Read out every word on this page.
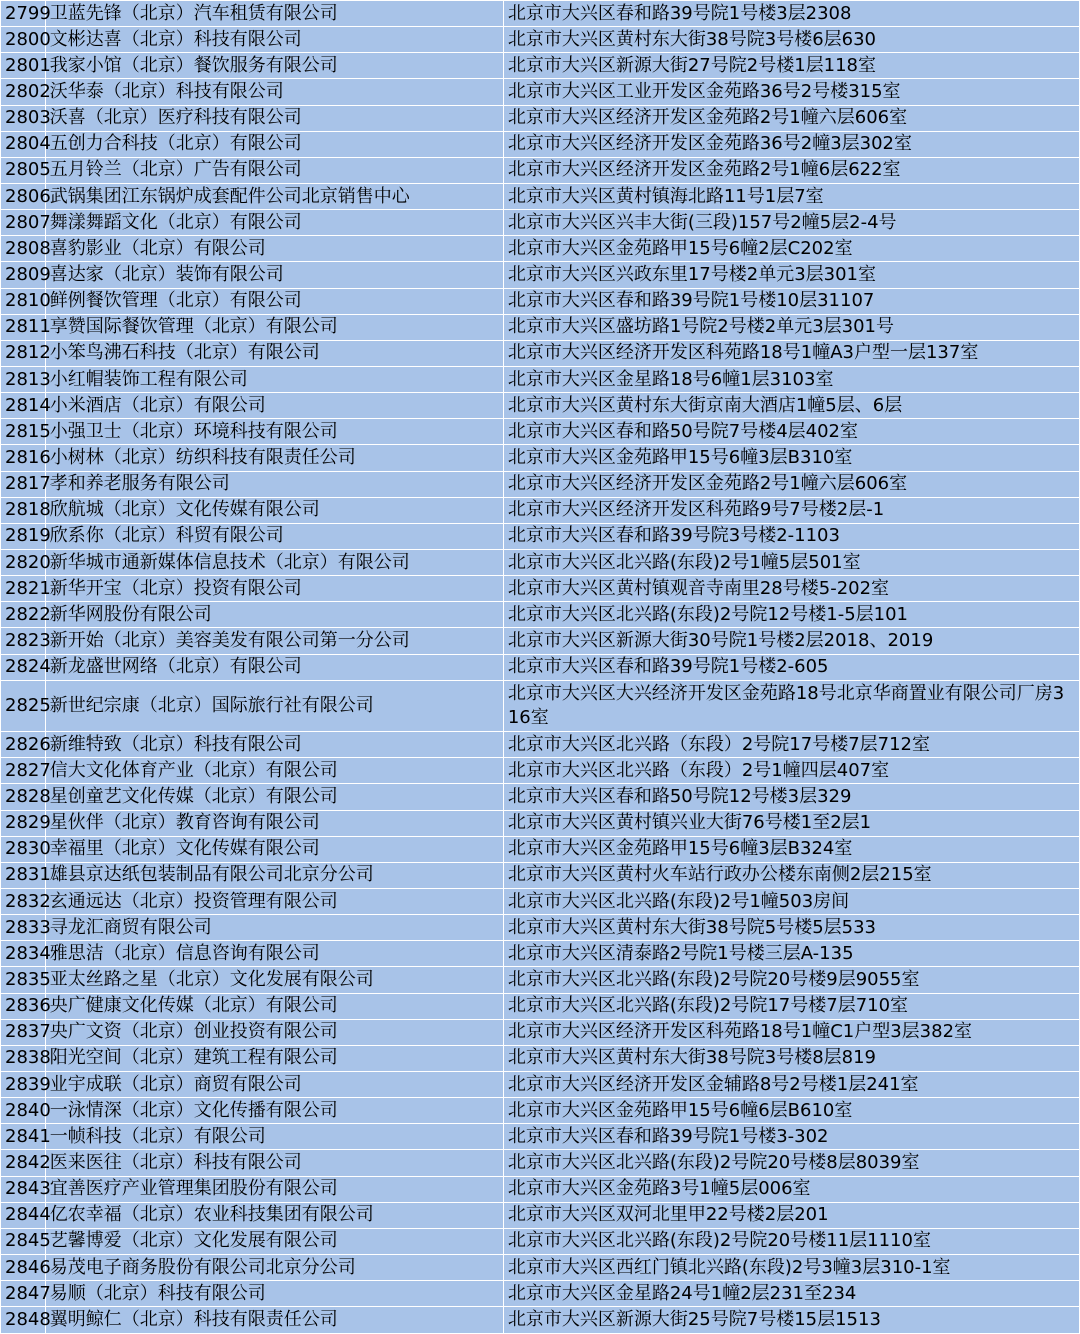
2799	卫蓝先锋（北京）汽车租赁有限公司	北京市大兴区春和路39号院1号楼3层2308
2800	文彬达喜（北京）科技有限公司	北京市大兴区黄村东大街38号院3号楼6层630
2801	我家小馆（北京）餐饮服务有限公司	北京市大兴区新源大街27号院2号楼1层118室
2802	沃华泰（北京）科技有限公司	北京市大兴区工业开发区金苑路36号2号楼315室
2803	沃喜（北京）医疗科技有限公司	北京市大兴区经济开发区金苑路2号1幢六层606室
2804	五创力合科技（北京）有限公司	北京市大兴区经济开发区金苑路36号2幢3层302室
2805	五月铃兰（北京）广告有限公司	北京市大兴区经济开发区金苑路2号1幢6层622室
2806	武锅集团江东锅炉成套配件公司北京销售中心	北京市大兴区黄村镇海北路11号1层7室
2807	舞漾舞蹈文化（北京）有限公司	北京市大兴区兴丰大街(三段)157号2幢5层2-4号
2808	喜豹影业（北京）有限公司	北京市大兴区金苑路甲15号6幢2层C202室
2809	喜达家（北京）装饰有限公司	北京市大兴区兴政东里17号楼2单元3层301室
2810	鲜例餐饮管理（北京）有限公司	北京市大兴区春和路39号院1号楼10层31107
2811	享赞国际餐饮管理（北京）有限公司	北京市大兴区盛坊路1号院2号楼2单元3层301号
2812	小笨鸟沸石科技（北京）有限公司	北京市大兴区经济开发区科苑路18号1幢A3户型一层137室
2813	小红帽装饰工程有限公司	北京市大兴区金星路18号6幢1层3103室
2814	小米酒店（北京）有限公司	北京市大兴区黄村东大街京南大酒店1幢5层、6层
2815	小强卫士（北京）环境科技有限公司	北京市大兴区春和路50号院7号楼4层402室
2816	小树林（北京）纺织科技有限责任公司	北京市大兴区金苑路甲15号6幢3层B310室
2817	孝和养老服务有限公司	北京市大兴区经济开发区金苑路2号1幢六层606室
2818	欣航城（北京）文化传媒有限公司	北京市大兴区经济开发区科苑路9号7号楼2层-1
2819	欣系你（北京）科贸有限公司	北京市大兴区春和路39号院3号楼2-1103
2820	新华城市通新媒体信息技术（北京）有限公司	北京市大兴区北兴路(东段)2号1幢5层501室
2821	新华开宝（北京）投资有限公司	北京市大兴区黄村镇观音寺南里28号楼5-202室
2822	新华网股份有限公司	北京市大兴区北兴路(东段)2号院12号楼1-5层101
2823	新开始（北京）美容美发有限公司第一分公司	北京市大兴区新源大街30号院1号楼2层2018、2019
2824	新龙盛世网络（北京）有限公司	北京市大兴区春和路39号院1号楼2-605
2825	新世纪宗康（北京）国际旅行社有限公司	北京市大兴区大兴经济开发区金苑路18号北京华商置业有限公司厂房316室
2826	新维特致（北京）科技有限公司	北京市大兴区北兴路（东段）2号院17号楼7层712室
2827	信大文化体育产业（北京）有限公司	北京市大兴区北兴路（东段）2号1幢四层407室
2828	星创童艺文化传媒（北京）有限公司	北京市大兴区春和路50号院12号楼3层329
2829	星伙伴（北京）教育咨询有限公司	北京市大兴区黄村镇兴业大街76号楼1至2层1
2830	幸福里（北京）文化传媒有限公司	北京市大兴区金苑路甲15号6幢3层B324室
2831	雄县京达纸包装制品有限公司北京分公司	北京市大兴区黄村火车站行政办公楼东南侧2层215室
2832	玄通远达（北京）投资管理有限公司	北京市大兴区北兴路(东段)2号1幢503房间
2833	寻龙汇商贸有限公司	北京市大兴区黄村东大街38号院5号楼5层533
2834	雅思洁（北京）信息咨询有限公司	北京市大兴区清泰路2号院1号楼三层A-135
2835	亚太丝路之星（北京）文化发展有限公司	北京市大兴区北兴路(东段)2号院20号楼9层9055室
2836	央广健康文化传媒（北京）有限公司	北京市大兴区北兴路(东段)2号院17号楼7层710室
2837	央广文资（北京）创业投资有限公司	北京市大兴区经济开发区科苑路18号1幢C1户型3层382室
2838	阳光空间（北京）建筑工程有限公司	北京市大兴区黄村东大街38号院3号楼8层819
2839	业宇成联（北京）商贸有限公司	北京市大兴区经济开发区金辅路8号2号楼1层241室
2840	一泳情深（北京）文化传播有限公司	北京市大兴区金苑路甲15号6幢6层B610室
2841	一帧科技（北京）有限公司	北京市大兴区春和路39号院1号楼3-302
2842	医来医往（北京）科技有限公司	北京市大兴区北兴路(东段)2号院20号楼8层8039室
2843	宜善医疗产业管理集团股份有限公司	北京市大兴区金苑路3号1幢5层006室
2844	亿农幸福（北京）农业科技集团有限公司	北京市大兴区双河北里甲22号楼2层201
2845	艺馨博爱（北京）文化发展有限公司	北京市大兴区北兴路(东段)2号院20号楼11层1110室
2846	易茂电子商务股份有限公司北京分公司	北京市大兴区西红门镇北兴路(东段)2号3幢3层310-1室
2847	易顺（北京）科技有限公司	北京市大兴区金星路24号1幢2层231至234
2848	翼明鲸仁（北京）科技有限责任公司	北京市大兴区新源大街25号院7号楼15层1513
